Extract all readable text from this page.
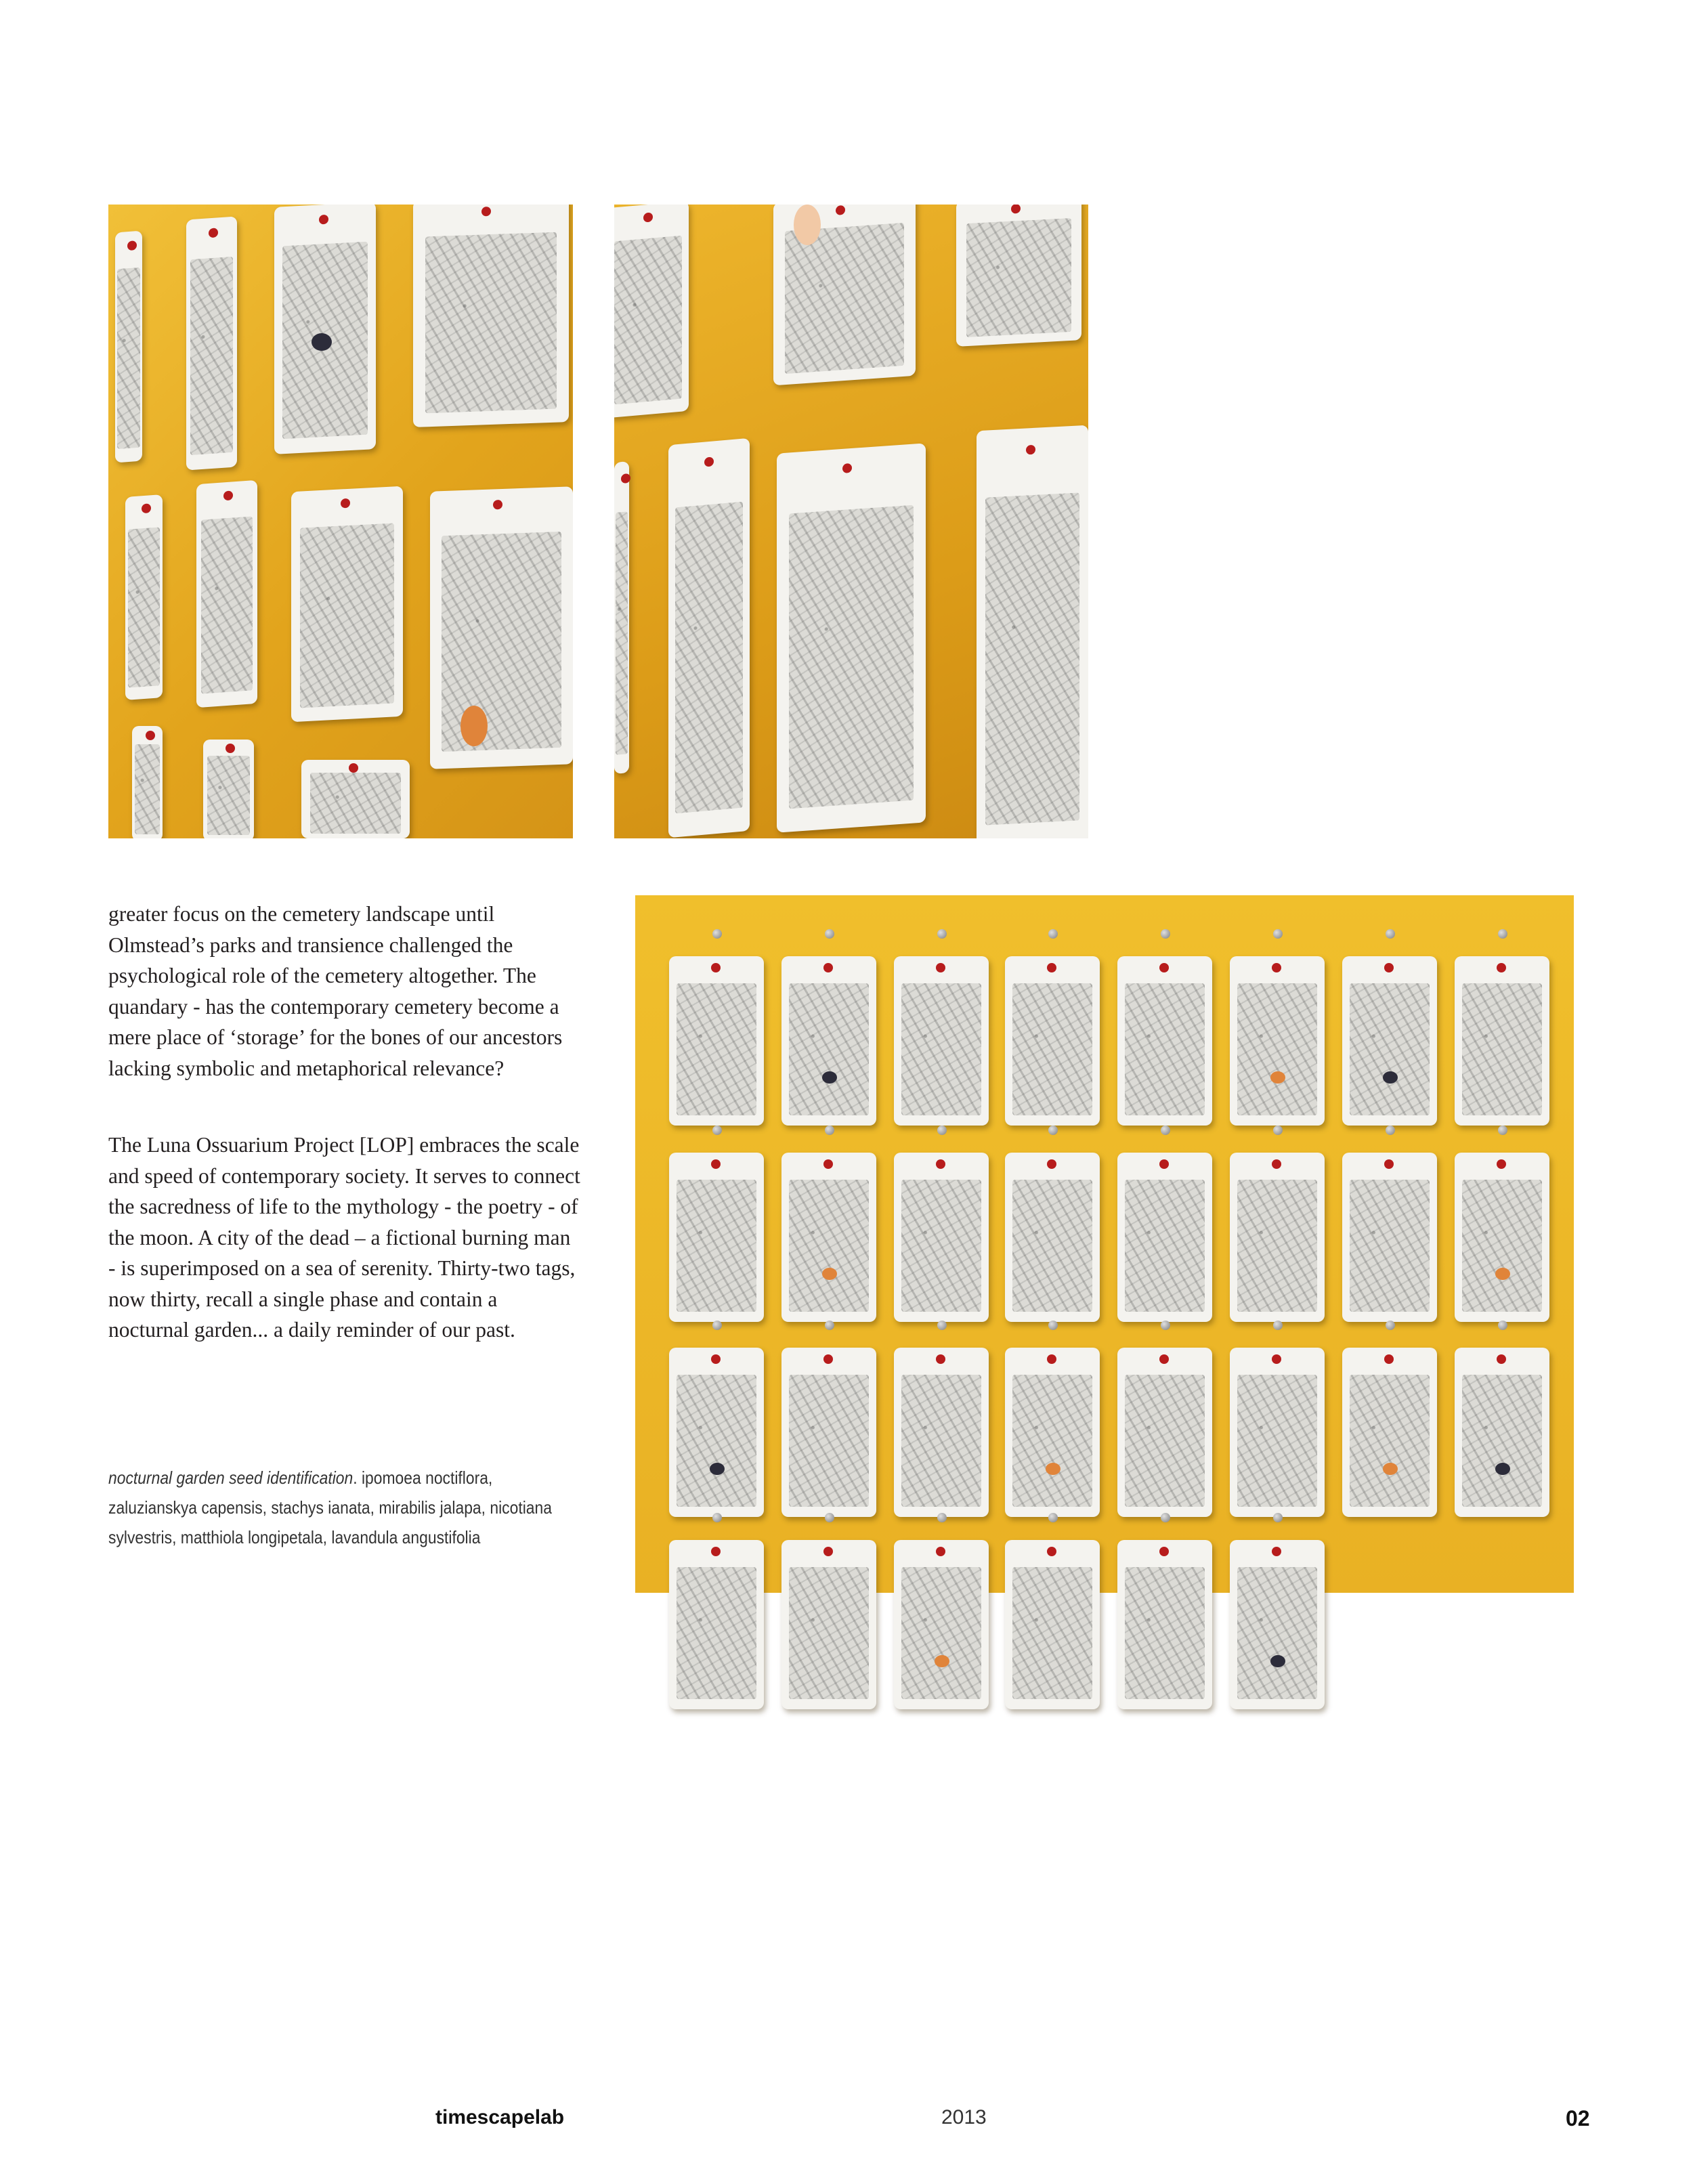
greater focus on the cemetery landscape until Olmstead’s parks and transience challenged the psychological role of the cemetery altogether. The quandary - has the contemporary cemetery become a mere place of ‘storage’ for the bones of our ancestors lacking symbolic and metaphorical relevance?
The Luna Ossuarium Project [LOP] embraces the scale and speed of contemporary society. It serves to connect the sacredness of life to the mythology - the poetry - of the moon. A city of the dead – a fictional burning man - is superimposed on a sea of serenity. Thirty-two tags, now thirty, recall a single phase and contain a nocturnal garden... a daily reminder of our past.
nocturnal garden seed identification. ipomoea noctiflora, zaluzianskya capensis, stachys ianata, mirabilis jalapa, nicotiana sylvestris, matthiola longipetala, lavandula angustifolia
timescapelab	2013	02
